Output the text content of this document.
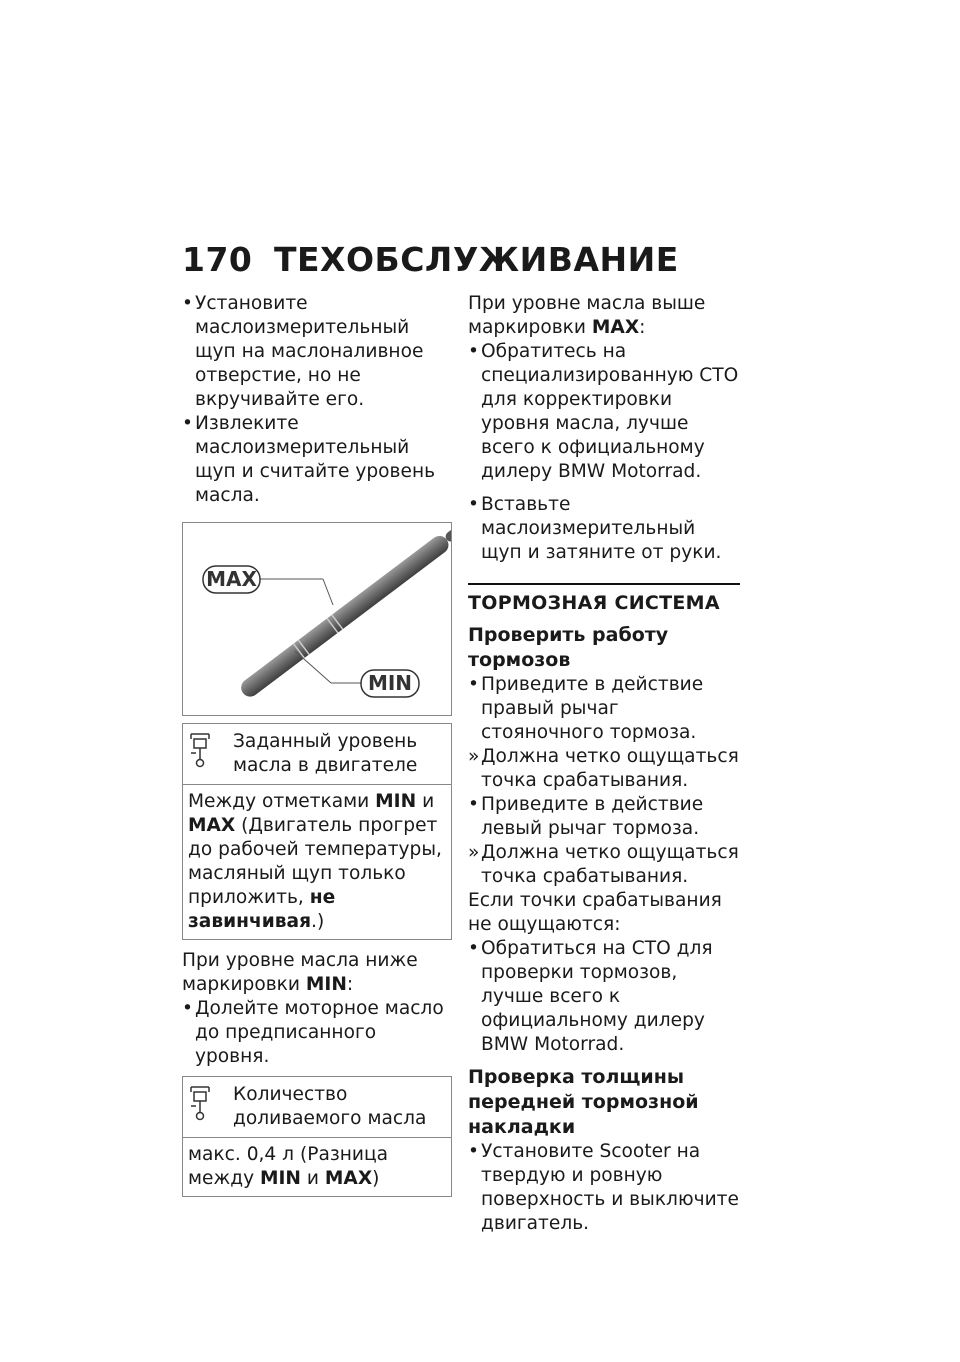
170 ТЕХОБСЛУЖИВАНИЕ
• Установите маслоизмерительный щуп на маслоналивное отверстие, но не вкручивайте его.
• Извлеките маслоизмерительный щуп и считайте уровень масла.
MAX
MIN
Заданный уровень масла в двигателе
Между отметками MIN и MAX (Двигатель прогрет до рабочей температуры, масляный щуп только приложить, не завинчивая.)
При уровне масла ниже маркировки MIN:
• Долейте моторное масло до предписанного уровня.
Количество доливаемого масла
макс. 0,4 л (Разница между MIN и MAX)
При уровне масла выше маркировки MAX:
• Обратитесь на специализированную СТО для корректировки уровня масла, лучше всего к официальному дилеру BMW Motorrad.
• Вставьте маслоизмерительный щуп и затяните от руки.
ТОРМОЗНАЯ СИСТЕМА
Проверить работу тормозов
• Приведите в действие правый рычаг стояночного тормоза.
» Должна четко ощущаться точка срабатывания.
• Приведите в действие левый рычаг тормоза.
» Должна четко ощущаться точка срабатывания.
Если точки срабатывания не ощущаются:
• Обратиться на СТО для проверки тормозов, лучше всего к официальному дилеру BMW Motorrad.
Проверка толщины передней тормозной накладки
• Установите Scooter на твердую и ровную поверхность и выключите двигатель.
